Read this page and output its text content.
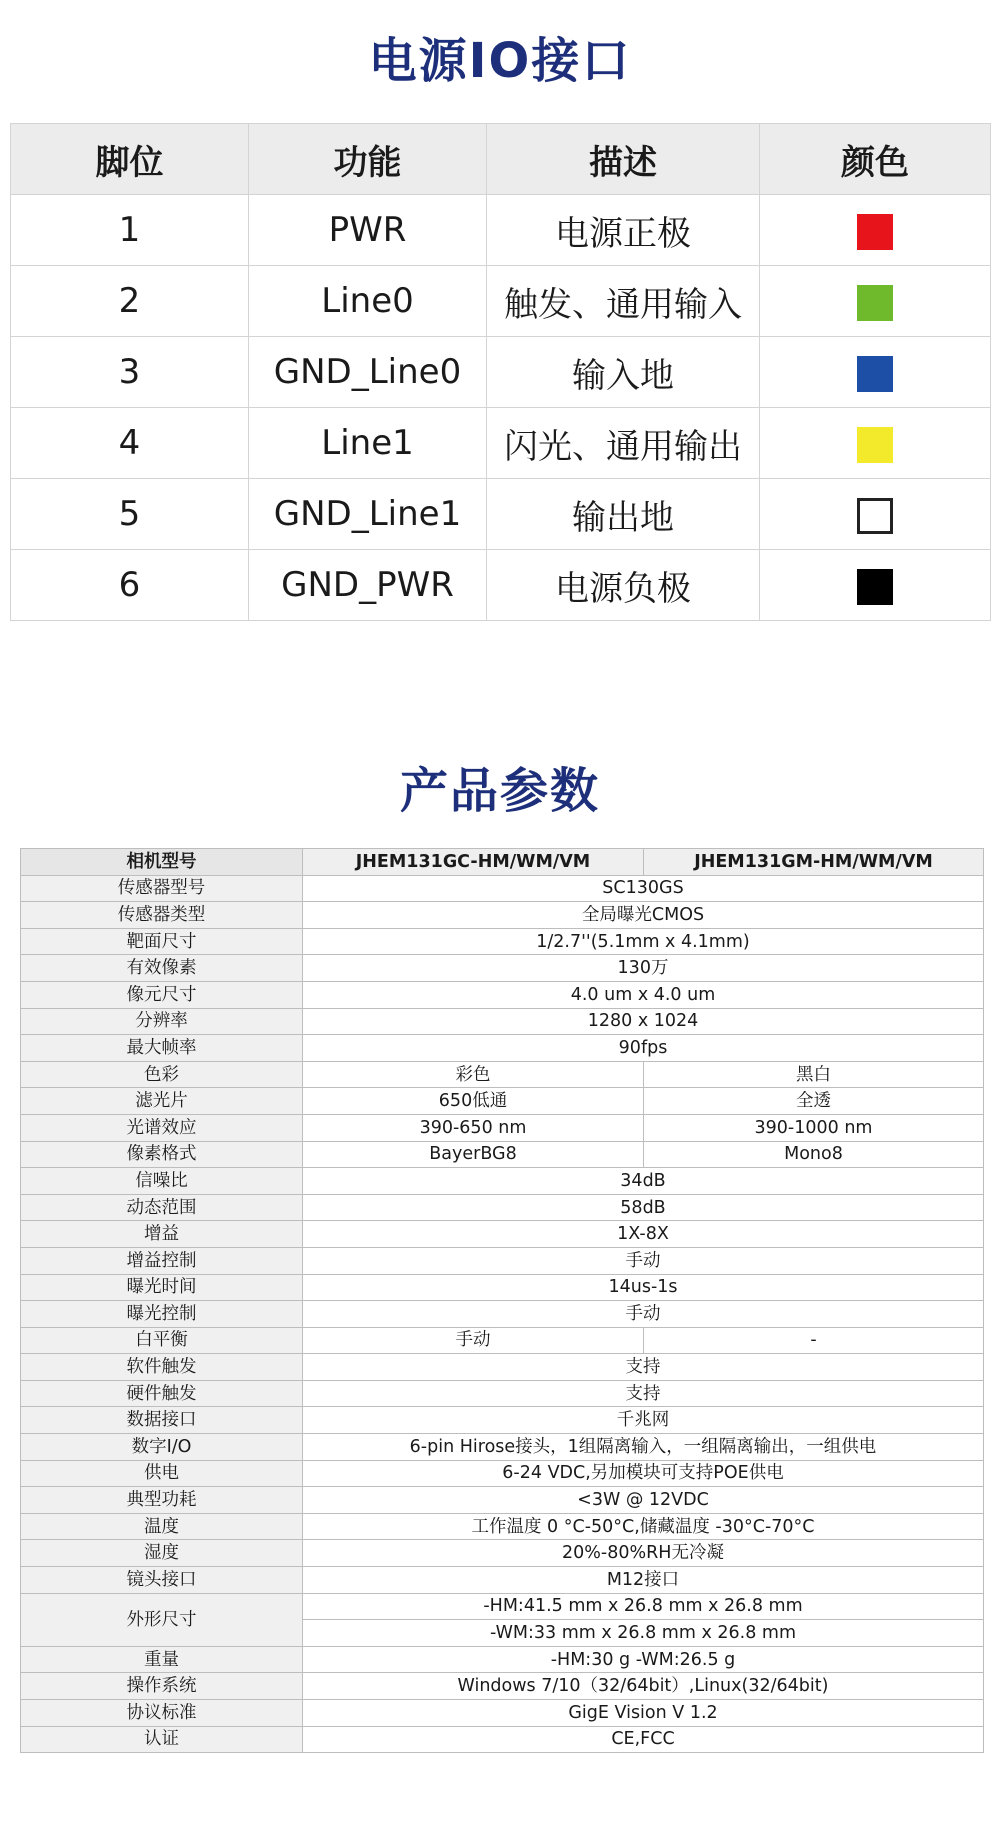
电源IO接口
脚位	功能	描述	颜色
1	PWR	电源正极	
2	Line0	触发、通用输入	
3	GND_Line0	输入地	
4	Line1	闪光、通用输出	
5	GND_Line1	输出地	
6	GND_PWR	电源负极	
产品参数
相机型号	JHEM131GC-HM/WM/VM	JHEM131GM-HM/WM/VM
传感器型号	SC130GS	
传感器类型	全局曝光CMOS	
靶面尺寸	1/2.7''(5.1mm x 4.1mm)	
有效像素	130万	
像元尺寸	4.0 um x 4.0 um	
分辨率	1280 x 1024	
最大帧率	90fps	
色彩	彩色	黑白
滤光片	650低通	全透
光谱效应	390-650 nm	390-1000 nm
像素格式	BayerBG8	Mono8
信噪比	34dB	
动态范围	58dB	
增益	1X-8X	
增益控制	手动	
曝光时间	14us-1s	
曝光控制	手动	
白平衡	手动	-
软件触发	支持	
硬件触发	支持	
数据接口	千兆网	
数字I/O	6-pin Hirose接头，1组隔离输入，一组隔离输出，一组供电	
供电	6-24 VDC,另加模块可支持POE供电	
典型功耗	<3W @ 12VDC	
温度	工作温度 0 °C-50°C,储藏温度 -30°C-70°C	
湿度	20%-80%RH无冷凝	
镜头接口	M12接口	
外形尺寸	-HM:41.5 mm x 26.8 mm x 26.8 mm	
	-WM:33 mm x 26.8 mm x 26.8 mm	
重量	-HM:30 g -WM:26.5 g	
操作系统	Windows 7/10（32/64bit）,Linux(32/64bit)	
协议标准	GigE Vision V 1.2	
认证	CE,FCC	
